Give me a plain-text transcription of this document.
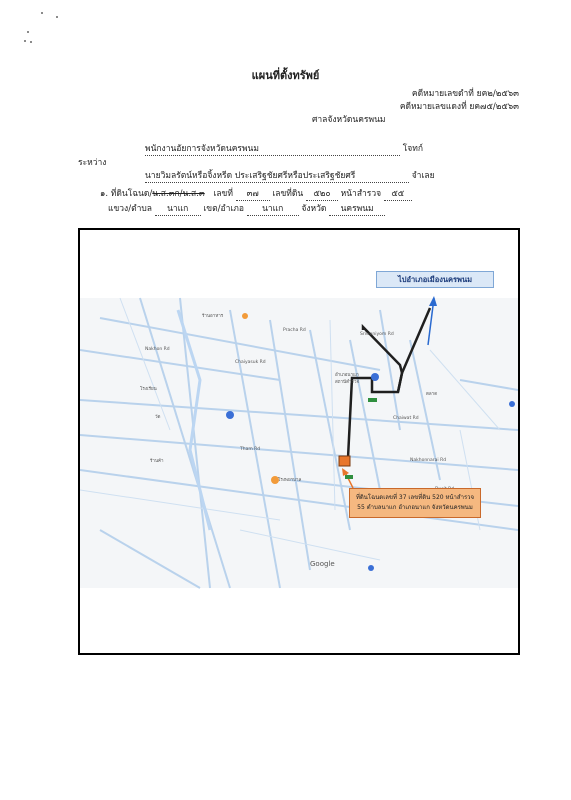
แผนที่ตั้งทรัพย์
คดีหมายเลขดำที่ ยค๒/๒๕๖๓
คดีหมายเลขแดงที่ ยค๗๕/๒๕๖๓
ศาลจังหวัดนครพนม
พนักงานอัยการจังหวัดนครพนม	โจทก์
ระหว่าง
นายวิมลรัตน์หรือจิ้งหรีด ประเสริฐชัยศรีหรือประเสริฐชัยศรี	จำเลย
๑. ที่ดินโฉนด/น.ส.๓ก/น.ส.๓ เลขที่ ๓๗ เลขที่ดิน ๕๒๐ หน้าสำรวจ ๕๕
แขวง/ตำบล นาแก เขต/อำเภอ นาแก จังหวัด นครพนม
ร้านอาหาร
Nakhon Rd
อำเภอนาแก
สถานีตำรวจ
Chaiyasuk Rd
โรงเรียน
Nakhonnarai Rd
วัด
ตลาด
Sriwaniyom Rd
Chaiwat Rd
Pracha Rd
Tham Rd
ร้านค้า
โรงพยาบาล
ไปอำเภอเมืองนครพนม
ที่ดินโฉนดเลขที่ 37 เลขที่ดิน 520 หน้าสำรวจ
55 ตำบลนาแก อำเภอนาแก จังหวัดนครพนม
Google
